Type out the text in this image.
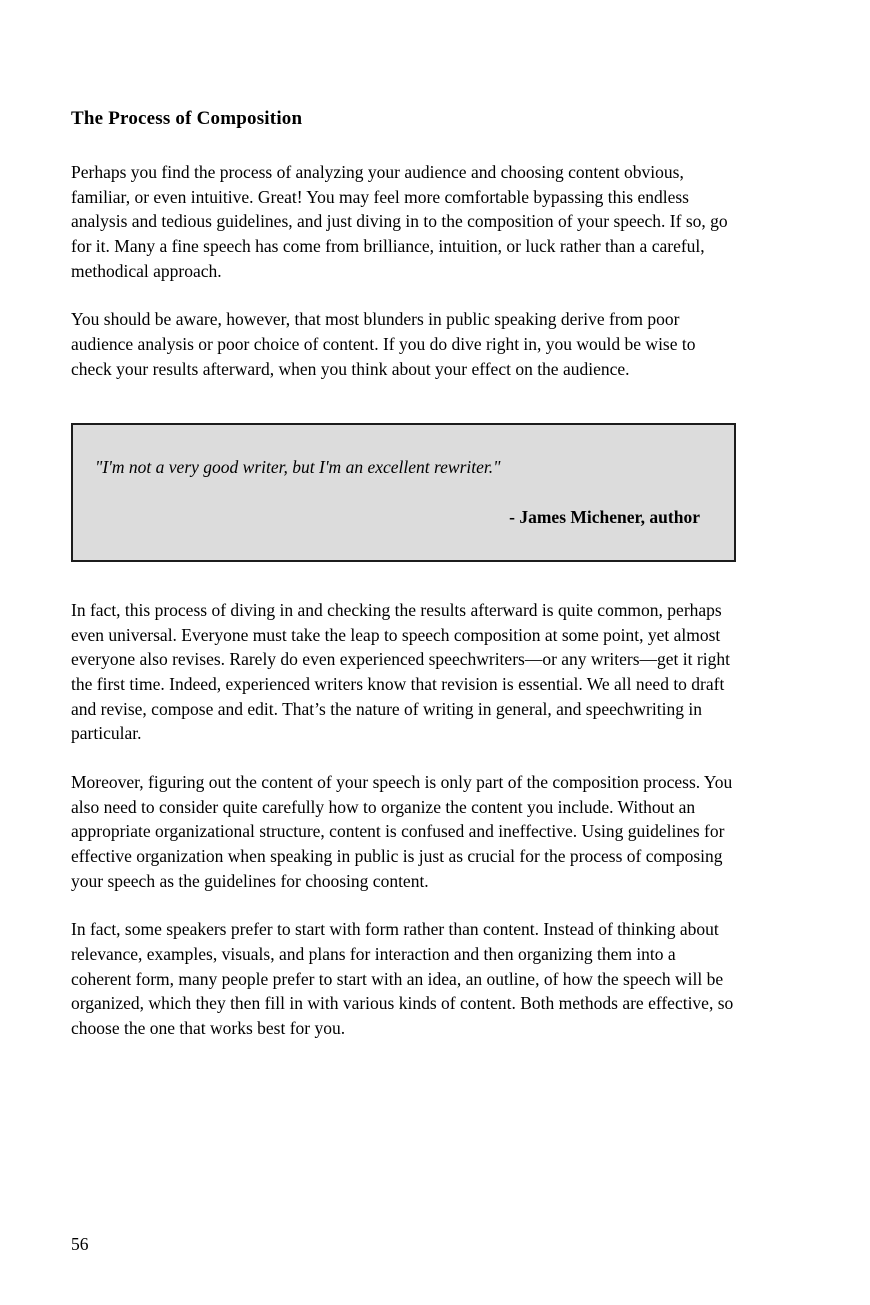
The Process of Composition

Perhaps you find the process of analyzing your audience and choosing content obvious, familiar, or even intuitive. Great! You may feel more comfortable bypassing this endless analysis and tedious guidelines, and just diving in to the composition of your speech. If so, go for it. Many a fine speech has come from brilliance, intuition, or luck rather than a careful, methodical approach.

You should be aware, however, that most blunders in public speaking derive from poor audience analysis or poor choice of content. If you do dive right in, you would be wise to check your results afterward, when you think about your effect on the audience.

"I'm not a very good writer, but I'm an excellent rewriter."

- James Michener, author

In fact, this process of diving in and checking the results afterward is quite common, perhaps even universal. Everyone must take the leap to speech composition at some point, yet almost everyone also revises. Rarely do even experienced speechwriters—or any writers—get it right the first time. Indeed, experienced writers know that revision is essential. We all need to draft and revise, compose and edit. That’s the nature of writing in general, and speechwriting in particular.

Moreover, figuring out the content of your speech is only part of the composition process. You also need to consider quite carefully how to organize the content you include. Without an appropriate organizational structure, content is confused and ineffective. Using guidelines for effective organization when speaking in public is just as crucial for the process of composing your speech as the guidelines for choosing content.

In fact, some speakers prefer to start with form rather than content. Instead of thinking about relevance, examples, visuals, and plans for interaction and then organizing them into a coherent form, many people prefer to start with an idea, an outline, of how the speech will be organized, which they then fill in with various kinds of content. Both methods are effective, so choose the one that works best for you.

56
